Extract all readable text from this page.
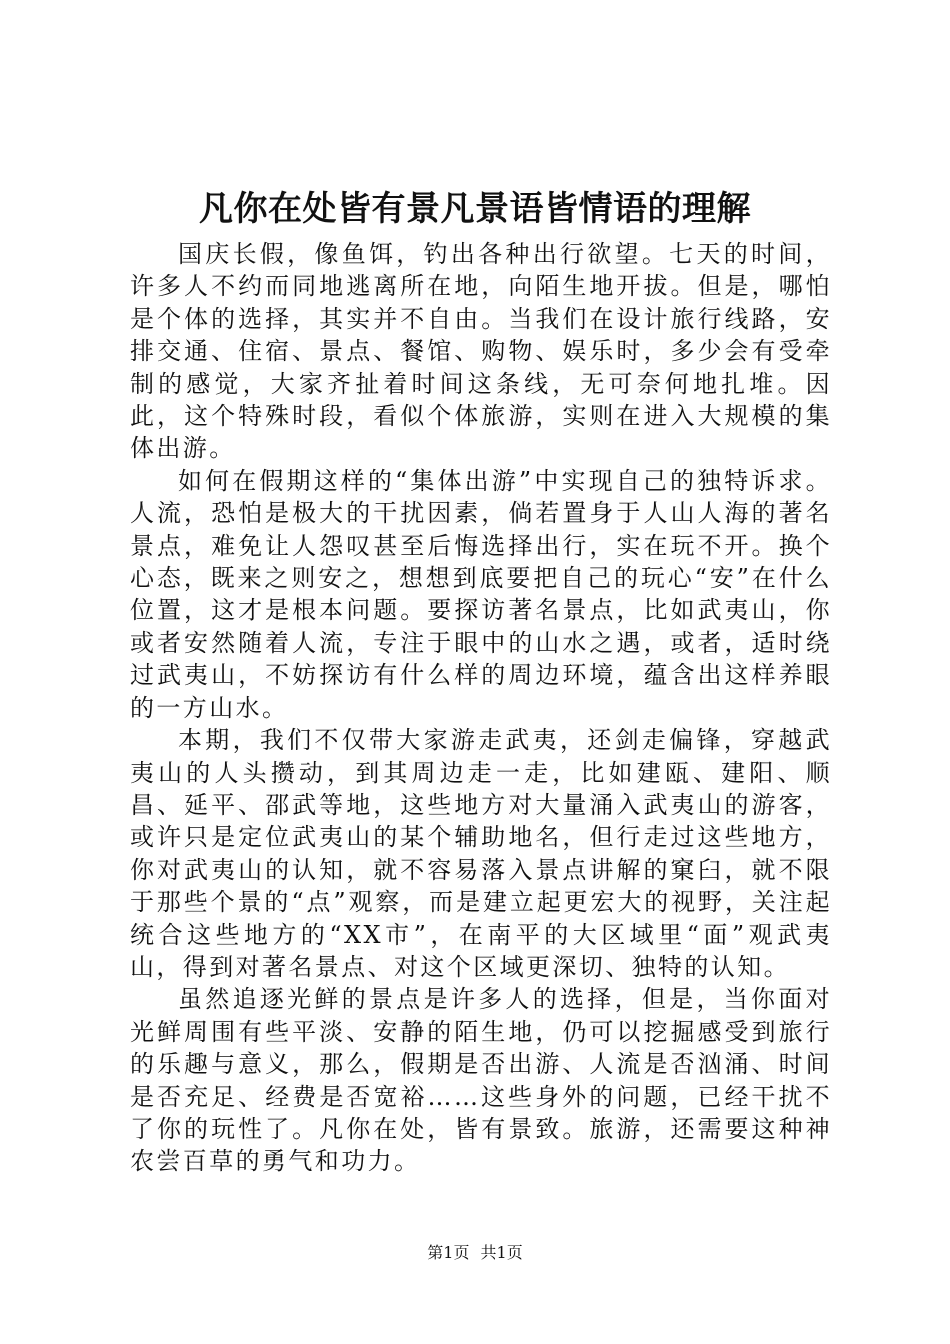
凡你在处皆有景凡景语皆情语的理解

国庆长假，像鱼饵，钓出各种出行欲望。七天的时间，许多人不约而同地逃离所在地，向陌生地开拔。但是，哪怕是个体的选择，其实并不自由。当我们在设计旅行线路，安排交通、住宿、景点、餐馆、购物、娱乐时，多少会有受牵制的感觉，大家齐扯着时间这条线，无可奈何地扎堆。因此，这个特殊时段，看似个体旅游，实则在进入大规模的集体出游。

如何在假期这样的“集体出游”中实现自己的独特诉求。人流，恐怕是极大的干扰因素，倘若置身于人山人海的著名景点，难免让人怨叹甚至后悔选择出行，实在玩不开。换个心态，既来之则安之，想想到底要把自己的玩心“安”在什么位置，这才是根本问题。要探访著名景点，比如武夷山，你或者安然随着人流，专注于眼中的山水之遇，或者，适时绕过武夷山，不妨探访有什么样的周边环境，蕴含出这样养眼的一方山水。

本期，我们不仅带大家游走武夷，还剑走偏锋，穿越武夷山的人头攒动，到其周边走一走，比如建瓯、建阳、顺昌、延平、邵武等地，这些地方对大量涌入武夷山的游客，或许只是定位武夷山的某个辅助地名，但行走过这些地方，你对武夷山的认知，就不容易落入景点讲解的窠臼，就不限于那些个景的“点”观察，而是建立起更宏大的视野，关注起统合这些地方的“XX市”，在南平的大区域里“面”观武夷山，得到对著名景点、对这个区域更深切、独特的认知。

虽然追逐光鲜的景点是许多人的选择，但是，当你面对光鲜周围有些平淡、安静的陌生地，仍可以挖掘感受到旅行的乐趣与意义，那么，假期是否出游、人流是否汹涌、时间是否充足、经费是否宽裕……这些身外的问题，已经干扰不了你的玩性了。凡你在处，皆有景致。旅游，还需要这种神农尝百草的勇气和功力。

第1页 共1页
